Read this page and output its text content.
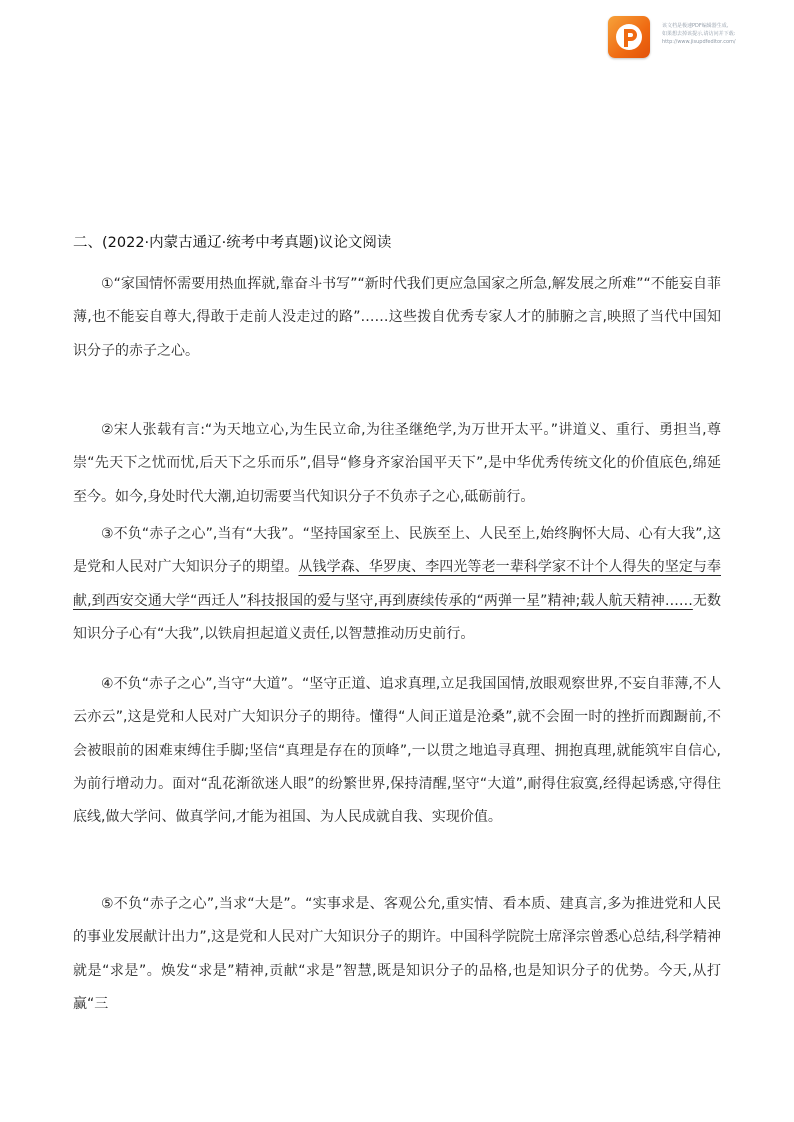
该文档是极速PDF编辑器生成,
如果想去掉该提示,请访问并下载:
http://www.jisupdfeditor.com/
二、(2022·内蒙古通辽·统考中考真题)议论文阅读

①“家国情怀需要用热血挥就,靠奋斗书写”“新时代我们更应急国家之所急,解发展之所难”“不能妄自菲薄,也不能妄自尊大,得敢于走前人没走过的路”……这些拨自优秀专家人才的肺腑之言,映照了当代中国知识分子的赤子之心。

②宋人张载有言:“为天地立心,为生民立命,为往圣继绝学,为万世开太平。”讲道义、重行、勇担当,尊崇“先天下之忧而忧,后天下之乐而乐”,倡导“修身齐家治国平天下”,是中华优秀传统文化的价值底色,绵延至今。如今,身处时代大潮,迫切需要当代知识分子不负赤子之心,砥砺前行。

③不负“赤子之心”,当有“大我”。“坚持国家至上、民族至上、人民至上,始终胸怀大局、心有大我”,这是党和人民对广大知识分子的期望。从钱学森、华罗庚、李四光等老一辈科学家不计个人得失的坚定与奉献,到西安交通大学“西迁人”科技报国的爱与坚守,再到赓续传承的“两弹一星”精神;载人航天精神……无数知识分子心有“大我”,以铁肩担起道义责任,以智慧推动历史前行。

④不负“赤子之心”,当守“大道”。“坚守正道、追求真理,立足我国国情,放眼观察世界,不妄自菲薄,不人云亦云”,这是党和人民对广大知识分子的期待。懂得“人间正道是沧桑”,就不会囿一时的挫折而踟蹰前,不会被眼前的困难束缚住手脚;坚信“真理是存在的顶峰”,一以贯之地追寻真理、拥抱真理,就能筑牢自信心,为前行增动力。面对“乱花渐欲迷人眼”的纷繁世界,保持清醒,坚守“大道”,耐得住寂寞,经得起诱惑,守得住底线,做大学问、做真学问,才能为祖国、为人民成就自我、实现价值。

⑤不负“赤子之心”,当求“大是”。“实事求是、客观公允,重实情、看本质、建真言,多为推进党和人民的事业发展献计出力”,这是党和人民对广大知识分子的期许。中国科学院院士席泽宗曾悉心总结,科学精神就是“求是”。焕发“求是”精神,贡献“求是”智慧,既是知识分子的品格,也是知识分子的优势。今天,从打赢“三
